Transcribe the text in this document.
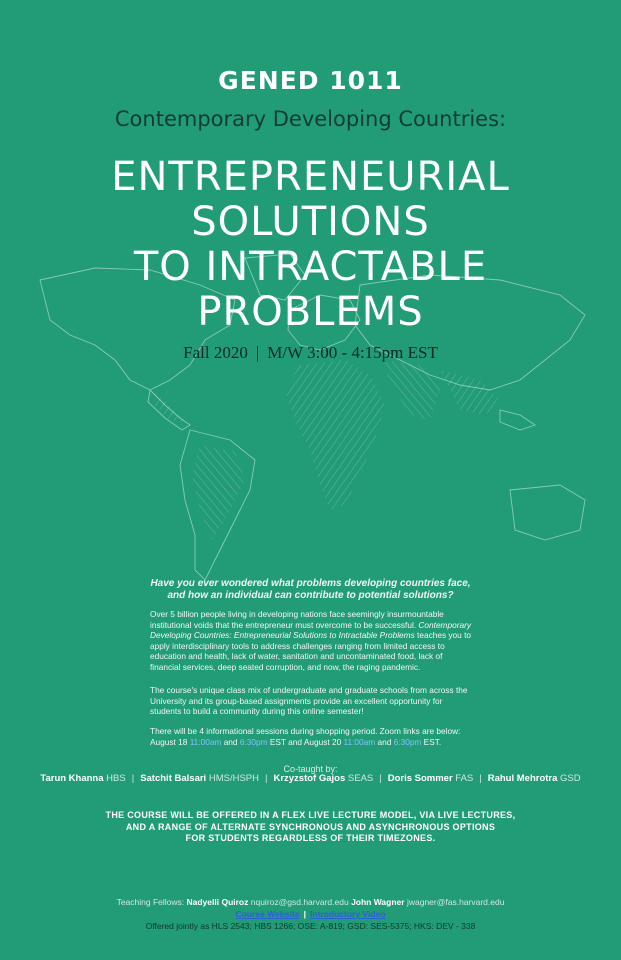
GENED 1011
Contemporary Developing Countries:
ENTREPRENEURIAL
SOLUTIONS
TO INTRACTABLE
PROBLEMS
Fall 2020 | M/W 3:00 - 4:15pm EST
Have you ever wondered what problems developing countries face,
and how an individual can contribute to potential solutions?
Over 5 billion people living in developing nations face seemingly insurmountable institutional voids that the entrepreneur must overcome to be successful. Contemporary Developing Countries: Entrepreneurial Solutions to Intractable Problems teaches you to apply interdisciplinary tools to address challenges ranging from limited access to education and health, lack of water, sanitation and uncontaminated food, lack of financial services, deep seated corruption, and now, the raging pandemic.
The course's unique class mix of undergraduate and graduate schools from across the University and its group-based assignments provide an excellent opportunity for students to build a community during this online semester!
There will be 4 informational sessions during shopping period. Zoom links are below: August 18 11:00am and 6:30pm EST and August 20 11:00am and 6:30pm EST.
Co-taught by:
Tarun Khanna HBS | Satchit Balsari HMS/HSPH | Krzyzstof Gajos SEAS | Doris Sommer FAS | Rahul Mehrotra GSD
THE COURSE WILL BE OFFERED IN A FLEX LIVE LECTURE MODEL, VIA LIVE LECTURES,
AND A RANGE OF ALTERNATE SYNCHRONOUS AND ASYNCHRONOUS OPTIONS
FOR STUDENTS REGARDLESS OF THEIR TIMEZONES.
Teaching Fellows: Nadyelli Quiroz nquiroz@gsd.harvard.edu John Wagner jwagner@fas.harvard.edu
Course Website | Introductory Video
Offered jointly as HLS 2543; HBS 1266; OSE: A-819; GSD: SES-5375; HKS: DEV - 338
